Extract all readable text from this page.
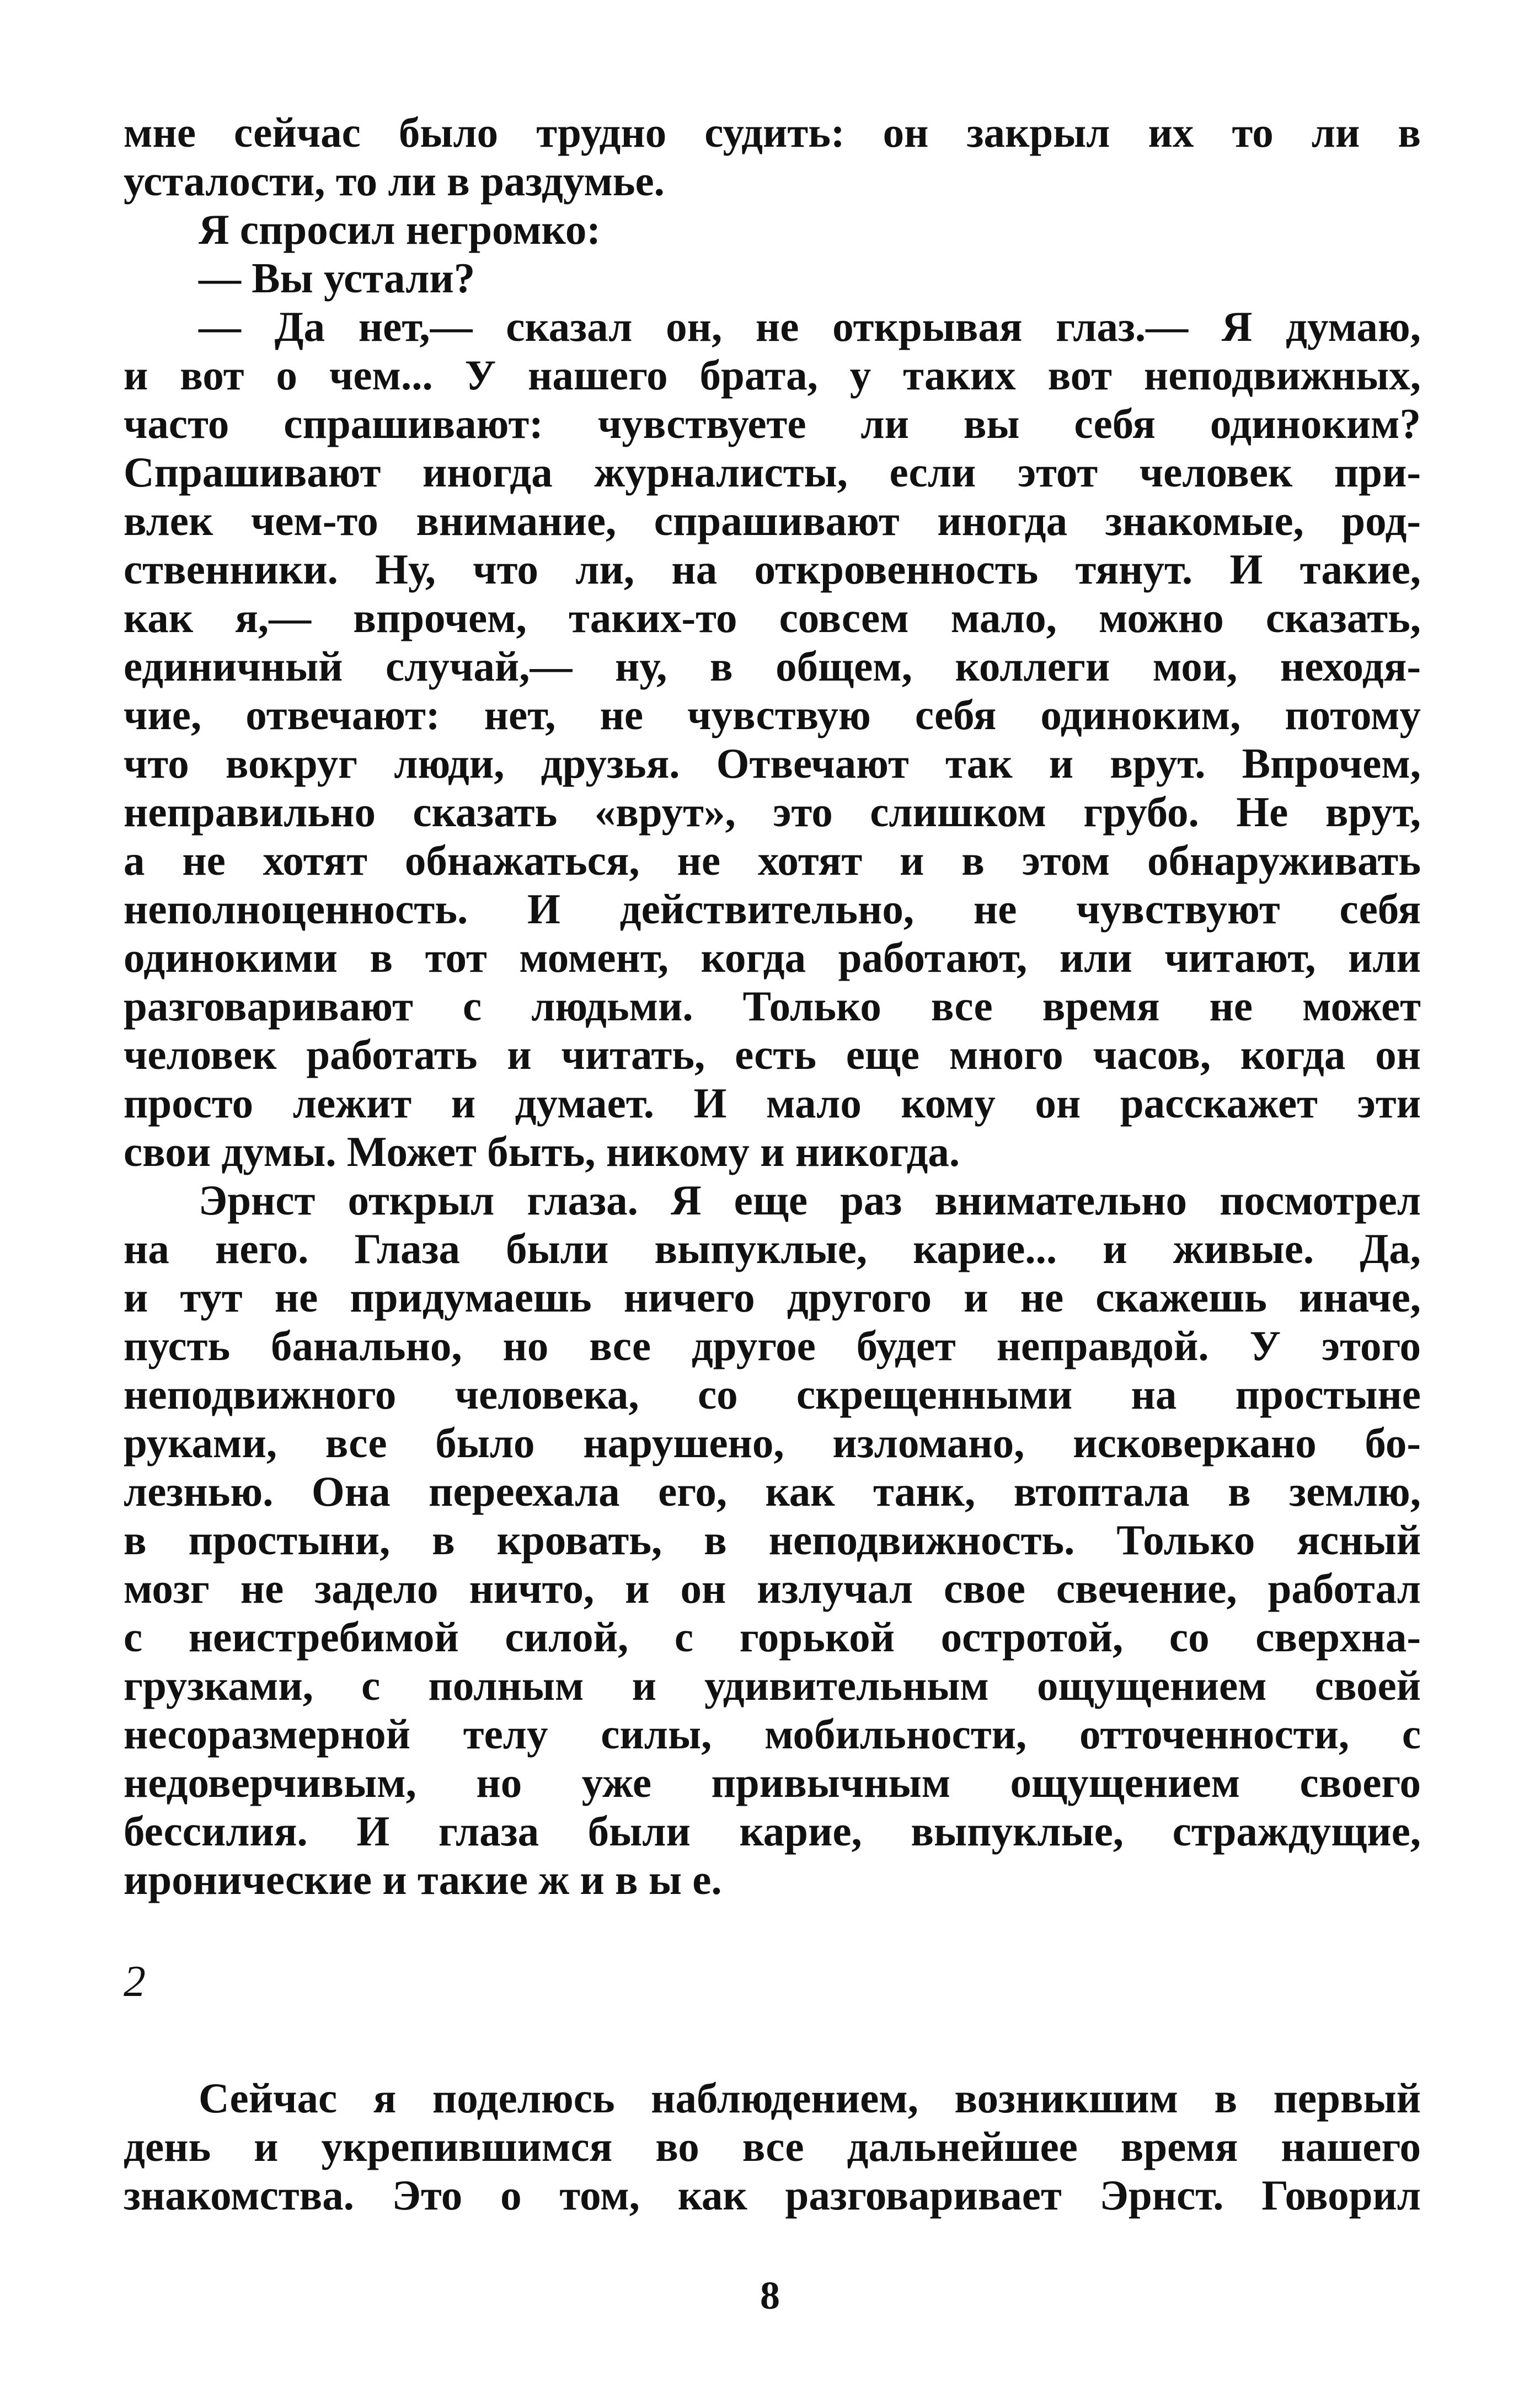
мне сейчас было трудно судить: он закрыл их то ли в
усталости, то ли в раздумье.
Я спросил негромко:
— Вы устали?
— Да нет,— сказал он, не открывая глаз.— Я думаю,
и вот о чем... У нашего брата, у таких вот неподвижных,
часто спрашивают: чувствуете ли вы себя одиноким?
Спрашивают иногда журналисты, если этот человек при-
влек чем-то внимание, спрашивают иногда знакомые, род-
ственники. Ну, что ли, на откровенность тянут. И такие,
как я,— впрочем, таких-то совсем мало, можно сказать,
единичный случай,— ну, в общем, коллеги мои, неходя-
чие, отвечают: нет, не чувствую себя одиноким, потому
что вокруг люди, друзья. Отвечают так и врут. Впрочем,
неправильно сказать «врут», это слишком грубо. Не врут,
а не хотят обнажаться, не хотят и в этом обнаруживать
неполноценность. И действительно, не чувствуют себя
одинокими в тот момент, когда работают, или читают, или
разговаривают с людьми. Только все время не может
человек работать и читать, есть еще много часов, когда он
просто лежит и думает. И мало кому он расскажет эти
свои думы. Может быть, никому и никогда.
Эрнст открыл глаза. Я еще раз внимательно посмотрел
на него. Глаза были выпуклые, карие... и живые. Да,
и тут не придумаешь ничего другого и не скажешь иначе,
пусть банально, но все другое будет неправдой. У этого
неподвижного человека, со скрещенными на простыне
руками, все было нарушено, изломано, исковеркано бо-
лезнью. Она переехала его, как танк, втоптала в землю,
в простыни, в кровать, в неподвижность. Только ясный
мозг не задело ничто, и он излучал свое свечение, работал
с неистребимой силой, с горькой остротой, со сверхна-
грузками, с полным и удивительным ощущением своей
несоразмерной телу силы, мобильности, отточенности, с
недоверчивым, но уже привычным ощущением своего
бессилия. И глаза были карие, выпуклые, страждущие,
иронические и такие ж и в ы е.
2
Сейчас я поделюсь наблюдением, возникшим в первый
день и укрепившимся во все дальнейшее время нашего
знакомства. Это о том, как разговаривает Эрнст. Говорил
8
